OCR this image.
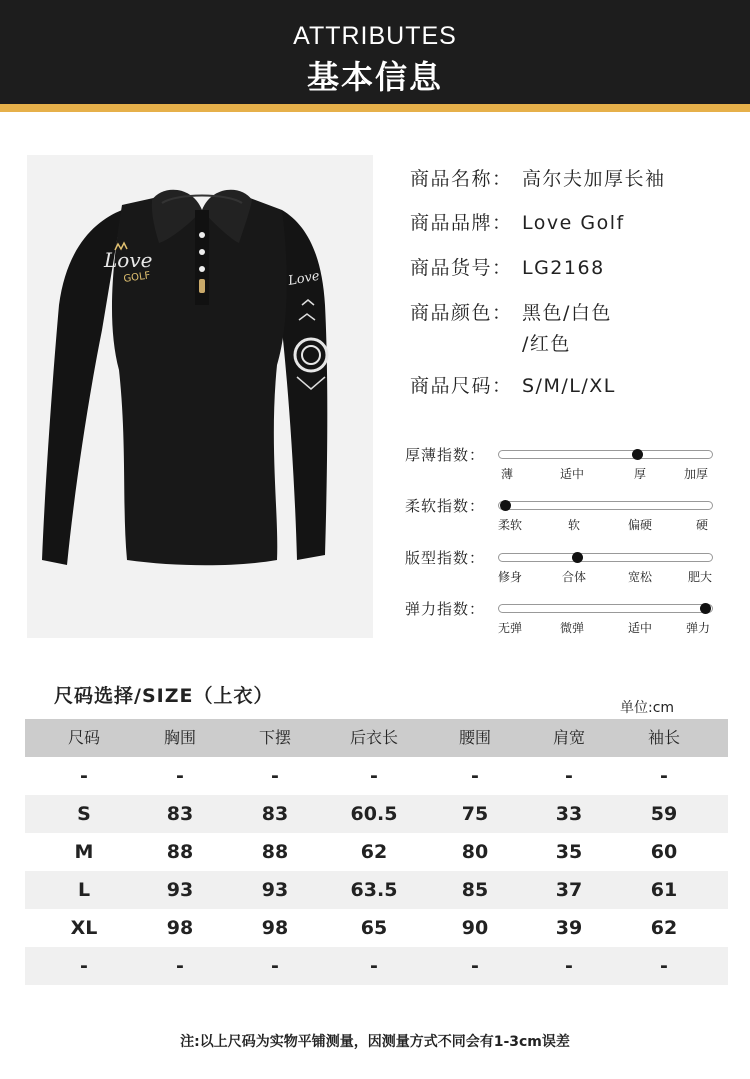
ATTRIBUTES
基本信息
Love
GOLF	Love
商品名称： 高尔夫加厚长袖
商品品牌： Love Golf
商品货号： LG2168
商品颜色： 黑色/白色
/红色
商品尺码： S/M/L/XL
厚薄指数：
薄	适中	厚	加厚
柔软指数：
柔软	软	偏硬	硬
版型指数：
修身	合体	宽松	肥大
弹力指数：
无弹	微弹	适中	弹力
尺码选择/SIZE（上衣）
单位:cm
尺码	胸围	下摆	后衣长	腰围	肩宽	袖长
-	-	-	-	-	-	-
S	83	83	60.5	75	33	59
M	88	88	62	80	35	60
L	93	93	63.5	85	37	61
XL	98	98	65	90	39	62
-	-	-	-	-	-	-
注:以上尺码为实物平铺测量，因测量方式不同会有1-3cm误差
